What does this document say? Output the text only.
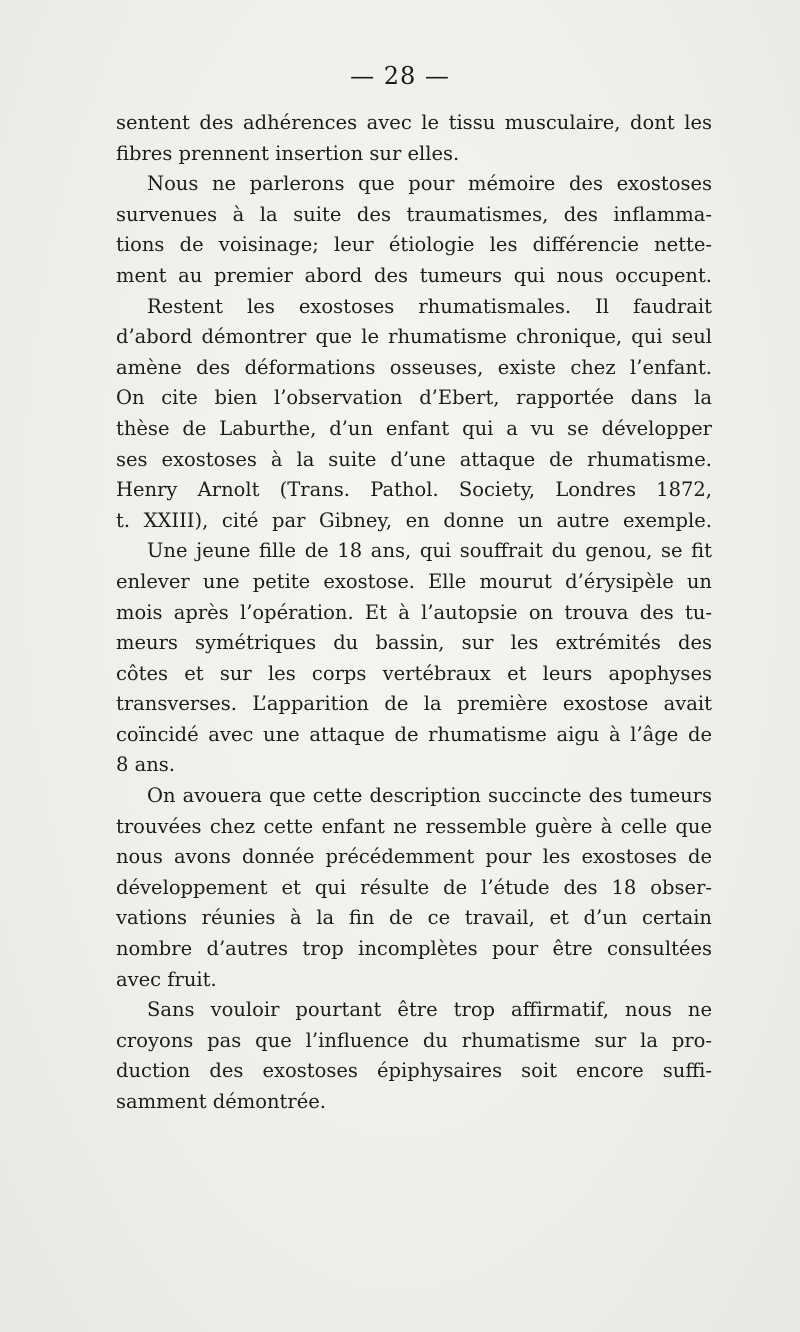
— 28 —
sentent des adhérences avec le tissu musculaire, dont les
fibres prennent insertion sur elles.
Nous ne parlerons que pour mémoire des exostoses
survenues à la suite des traumatismes, des inflamma-
tions de voisinage; leur étiologie les différencie nette-
ment au premier abord des tumeurs qui nous occupent.
Restent les exostoses rhumatismales. Il faudrait
d’abord démontrer que le rhumatisme chronique, qui seul
amène des déformations osseuses, existe chez l’enfant.
On cite bien l’observation d’Ebert, rapportée dans la
thèse de Laburthe, d’un enfant qui a vu se développer
ses exostoses à la suite d’une attaque de rhumatisme.
Henry Arnolt (Trans. Pathol. Society, Londres 1872,
t. XXIII), cité par Gibney, en donne un autre exemple.
Une jeune fille de 18 ans, qui souffrait du genou, se fit
enlever une petite exostose. Elle mourut d’érysipèle un
mois après l’opération. Et à l’autopsie on trouva des tu-
meurs symétriques du bassin, sur les extrémités des
côtes et sur les corps vertébraux et leurs apophyses
transverses. L’apparition de la première exostose avait
coïncidé avec une attaque de rhumatisme aigu à l’âge de
8 ans.
On avouera que cette description succincte des tumeurs
trouvées chez cette enfant ne ressemble guère à celle que
nous avons donnée précédemment pour les exostoses de
développement et qui résulte de l’étude des 18 obser-
vations réunies à la fin de ce travail, et d’un certain
nombre d’autres trop incomplètes pour être consultées
avec fruit.
Sans vouloir pourtant être trop affirmatif, nous ne
croyons pas que l’influence du rhumatisme sur la pro-
duction des exostoses épiphysaires soit encore suffi-
samment démontrée.
